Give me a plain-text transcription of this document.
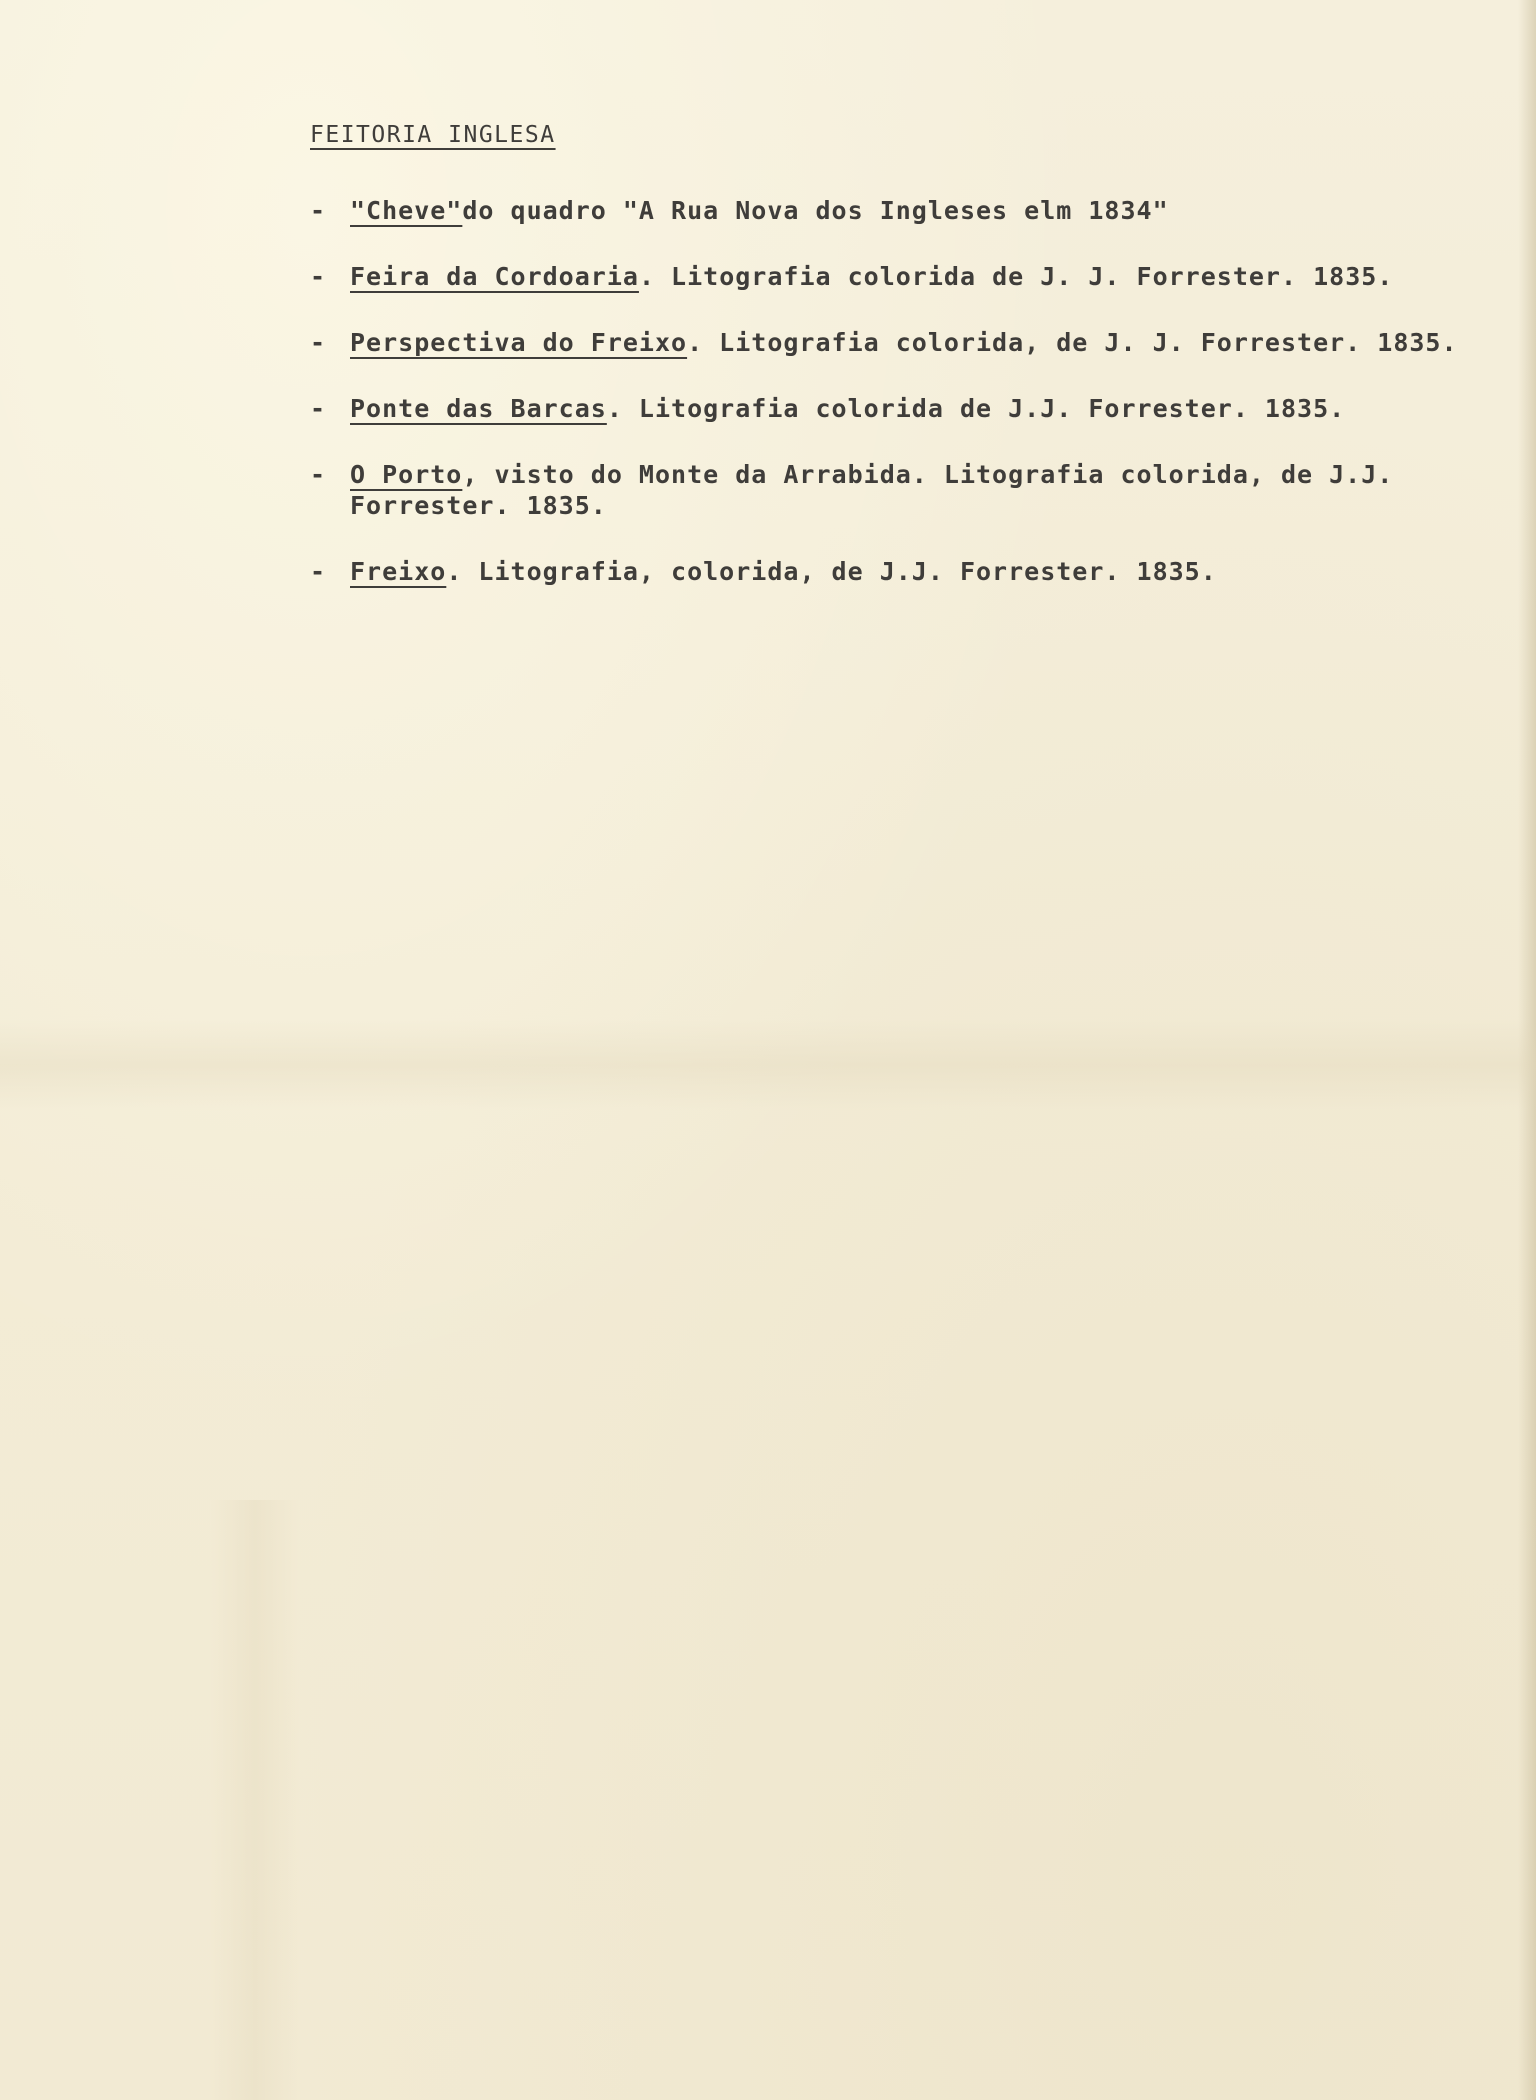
FEITORIA INGLESA
- "Cheve"do quadro "A Rua Nova dos Ingleses elm 1834"
- Feira da Cordoaria. Litografia colorida de J. J. Forrester. 1835.
- Perspectiva do Freixo. Litografia colorida, de J. J. Forrester. 1835.
- Ponte das Barcas. Litografia colorida de J.J. Forrester. 1835.
- O Porto, visto do Monte da Arrabida. Litografia colorida, de J.J. Forrester. 1835.
- Freixo. Litografia, colorida, de J.J. Forrester. 1835.
